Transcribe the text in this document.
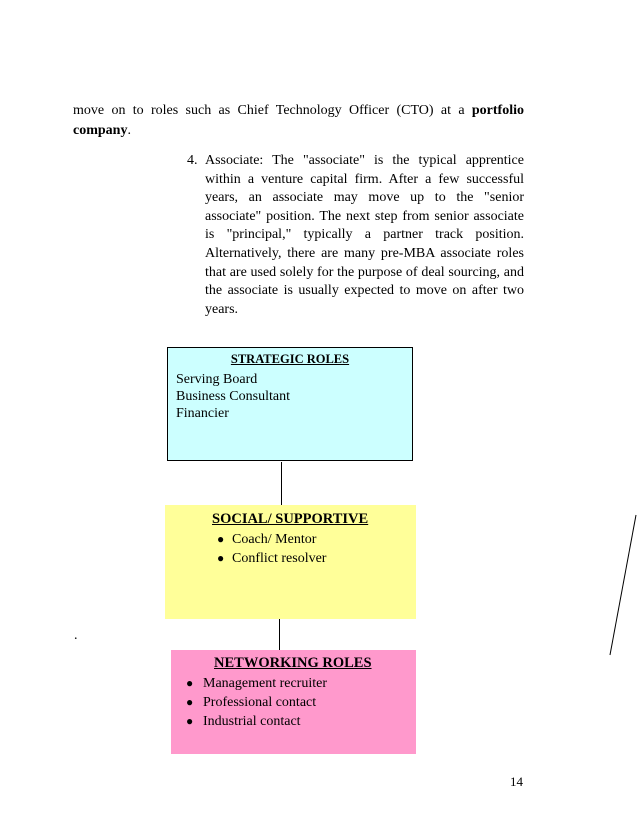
move on to roles such as Chief Technology Officer (CTO) at a portfolio company.
4. Associate: The "associate" is the typical apprentice within a venture capital firm. After a few successful years, an associate may move up to the "senior associate" position. The next step from senior associate is "principal," typically a partner track position. Alternatively, there are many pre-MBA associate roles that are used solely for the purpose of deal sourcing, and the associate is usually expected to move on after two years.
STRATEGIC ROLES
Serving Board
Business Consultant
Financier
SOCIAL/ SUPPORTIVE
● Coach/ Mentor
● Conflict resolver
.
NETWORKING ROLES
● Management recruiter
● Professional contact
● Industrial contact
14
